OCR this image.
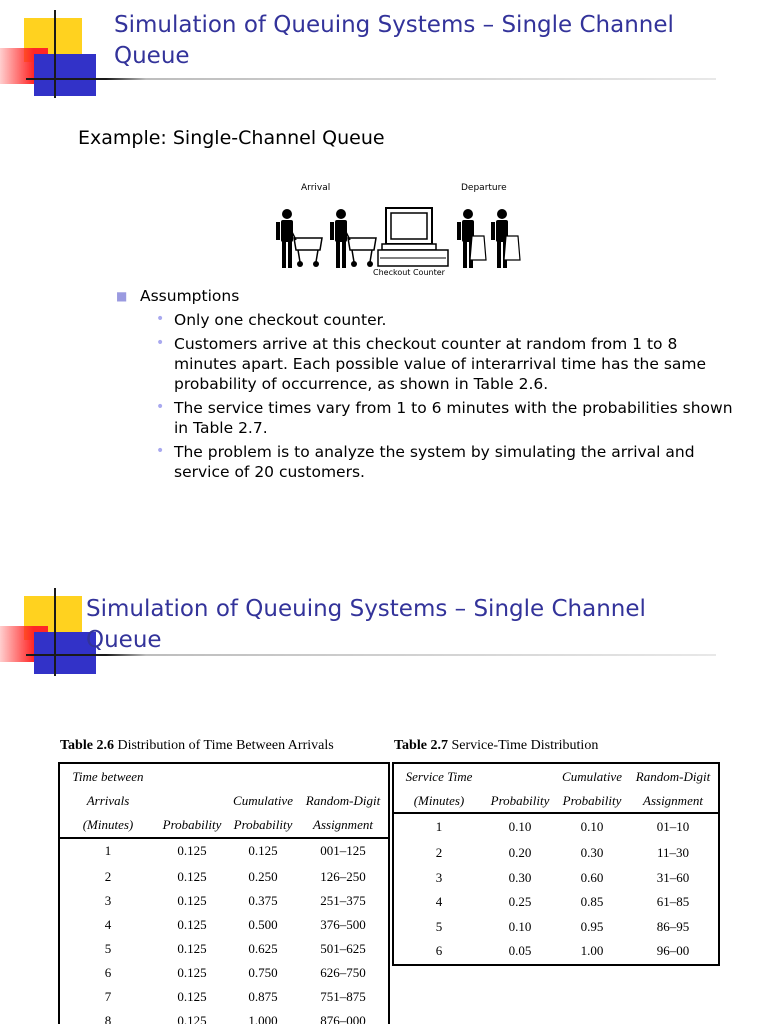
Simulation of Queuing Systems – Single Channel Queue
Example: Single-Channel Queue
Arrival	Departure
Checkout Counter
■ Assumptions
• Only one checkout counter.
• Customers arrive at this checkout counter at random from 1 to 8 minutes apart. Each possible value of interarrival time has the same probability of occurrence, as shown in Table 2.6.
• The service times vary from 1 to 6 minutes with the probabilities shown in Table 2.7.
• The problem is to analyze the system by simulating the arrival and service of 20 customers.
Simulation of Queuing Systems – Single Channel Queue
Table 2.6 Distribution of Time Between Arrivals
Time between			
Arrivals		Cumulative	Random-Digit
(Minutes)	Probability	Probability	Assignment
1	0.125	0.125	001–125
2	0.125	0.250	126–250
3	0.125	0.375	251–375
4	0.125	0.500	376–500
5	0.125	0.625	501–625
6	0.125	0.750	626–750
7	0.125	0.875	751–875
8	0.125	1.000	876–000
Table 2.7 Service-Time Distribution
Service Time		Cumulative	Random-Digit
(Minutes)	Probability	Probability	Assignment
1	0.10	0.10	01–10
2	0.20	0.30	11–30
3	0.30	0.60	31–60
4	0.25	0.85	61–85
5	0.10	0.95	86–95
6	0.05	1.00	96–00
